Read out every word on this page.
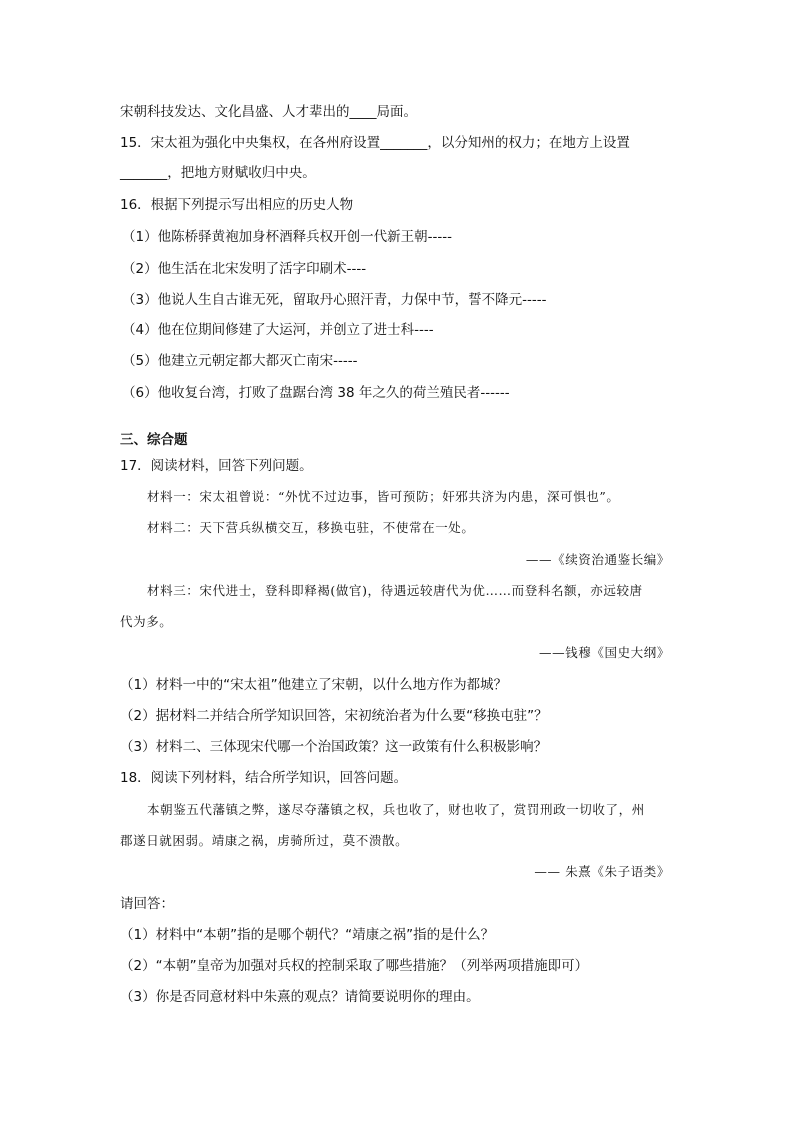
宋朝科技发达、文化昌盛、人才辈出的____局面。
15．宋太祖为强化中央集权，在各州府设置_______，以分知州的权力；在地方上设置
_______，把地方财赋收归中央。
16．根据下列提示写出相应的历史人物
（1）他陈桥驿黄袍加身杯酒释兵权开创一代新王朝-----
（2）他生活在北宋发明了活字印刷术----
（3）他说人生自古谁无死，留取丹心照汗青，力保中节，誓不降元-----
（4）他在位期间修建了大运河，并创立了进士科----
（5）他建立元朝定都大都灭亡南宋-----
（6）他收复台湾，打败了盘踞台湾 38 年之久的荷兰殖民者------
三、综合题
17．阅读材料，回答下列问题。
材料一：宋太祖曾说：“外忧不过边事，皆可预防；奸邪共济为内患，深可惧也”。
材料二：天下营兵纵横交互，移换屯驻，不使常在一处。
——《续资治通鉴长编》
材料三：宋代进士，登科即释褐(做官)，待遇远较唐代为优……而登科名额，亦远较唐
代为多。
——钱穆《国史大纲》
（1）材料一中的“宋太祖”他建立了宋朝，以什么地方作为都城？
（2）据材料二并结合所学知识回答，宋初统治者为什么要“移换屯驻”？
（3）材料二、三体现宋代哪一个治国政策？这一政策有什么积极影响？
18．阅读下列材料，结合所学知识，回答问题。
本朝鉴五代藩镇之弊，遂尽夺藩镇之权，兵也收了，财也收了，赏罚刑政一切收了，州
郡遂日就困弱。靖康之祸，虏骑所过，莫不溃散。
—— 朱熹《朱子语类》
请回答：
（1）材料中“本朝”指的是哪个朝代？“靖康之祸”指的是什么？
（2）“本朝”皇帝为加强对兵权的控制采取了哪些措施？（列举两项措施即可）
（3）你是否同意材料中朱熹的观点？请简要说明你的理由。
